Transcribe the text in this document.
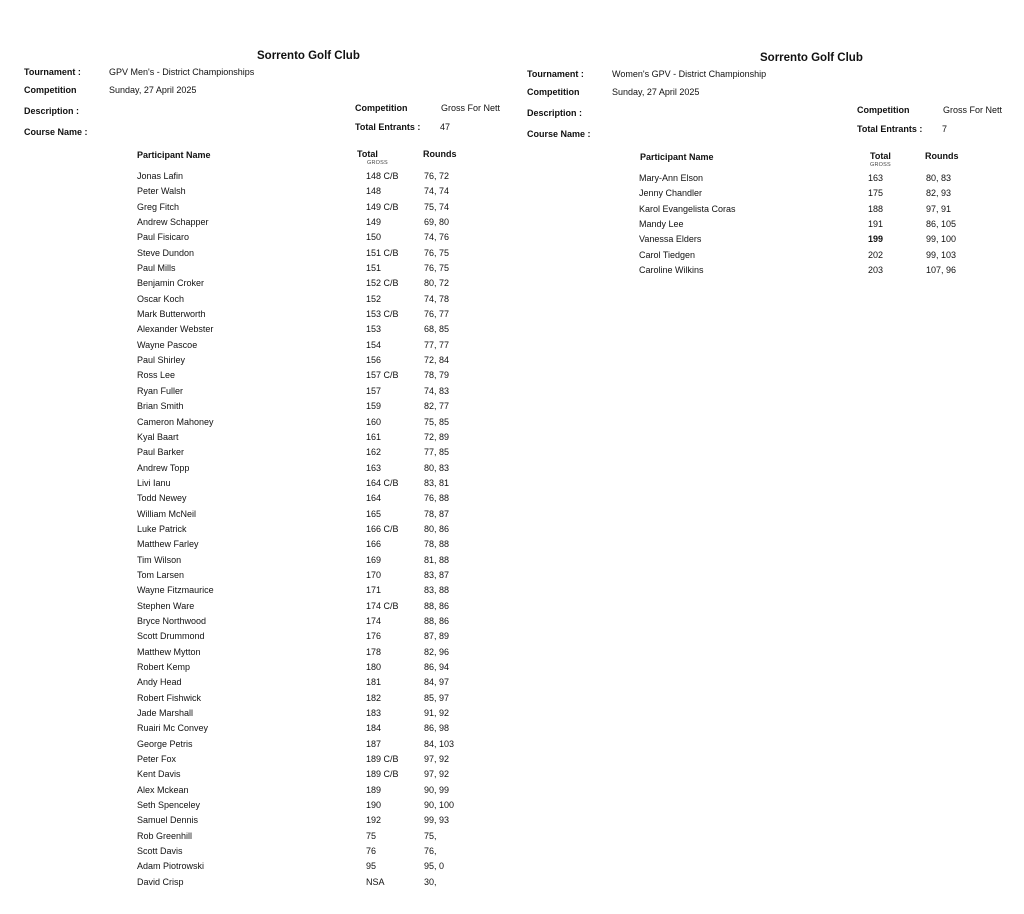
Sorrento Golf Club
Tournament :	GPV Men's - District Championships
Competition	Sunday, 27 April 2025
Description :	Competition	Gross For Nett
Course Name :	Total Entrants : 47
Participant Name	Total
GROSS
Rounds
Jonas Lafin	148 C/B	76, 72
Peter Walsh	148	74, 74
Greg Fitch	149 C/B	75, 74
Andrew Schapper	149	69, 80
Paul Fisicaro	150	74, 76
Steve Dundon	151 C/B	76, 75
Paul Mills	151	76, 75
Benjamin Croker	152 C/B	80, 72
Oscar Koch	152	74, 78
Mark Butterworth	153 C/B	76, 77
Alexander Webster	153	68, 85
Wayne Pascoe	154	77, 77
Paul Shirley	156	72, 84
Ross Lee	157 C/B	78, 79
Ryan Fuller	157	74, 83
Brian Smith	159	82, 77
Cameron Mahoney	160	75, 85
Kyal Baart	161	72, 89
Paul Barker	162	77, 85
Andrew Topp	163	80, 83
Livi Ianu	164 C/B	83, 81
Todd Newey	164	76, 88
William McNeil	165	78, 87
Luke Patrick	166 C/B	80, 86
Matthew Farley	166	78, 88
Tim Wilson	169	81, 88
Tom Larsen	170	83, 87
Wayne Fitzmaurice	171	83, 88
Stephen Ware	174 C/B	88, 86
Bryce Northwood	174	88, 86
Scott Drummond	176	87, 89
Matthew Mytton	178	82, 96
Robert Kemp	180	86, 94
Andy Head	181	84, 97
Robert Fishwick	182	85, 97
Jade Marshall	183	91, 92
Ruairi Mc Convey	184	86, 98
George Petris	187	84, 103
Peter Fox	189 C/B	97, 92
Kent Davis	189 C/B	97, 92
Alex Mckean	189	90, 99
Seth Spenceley	190	90, 100
Samuel Dennis	192	99, 93
Rob Greenhill	75	75,
Scott Davis	76	76,
Adam Piotrowski	95	95, 0
David Crisp	NSA	30,
Sorrento Golf Club
Tournament :	Women's GPV - District Championship
Competition	Sunday, 27 April 2025
Description :	Competition	Gross For Nett
Course Name :	Total Entrants : 7
Participant Name	Total
GROSS
Rounds
Mary-Ann Elson	163	80, 83
Jenny Chandler	175	82, 93
Karol Evangelista Coras	188	97, 91
Mandy Lee	191	86, 105
Vanessa Elders	199	99, 100
Carol Tiedgen	202	99, 103
Caroline Wilkins	203	107, 96
